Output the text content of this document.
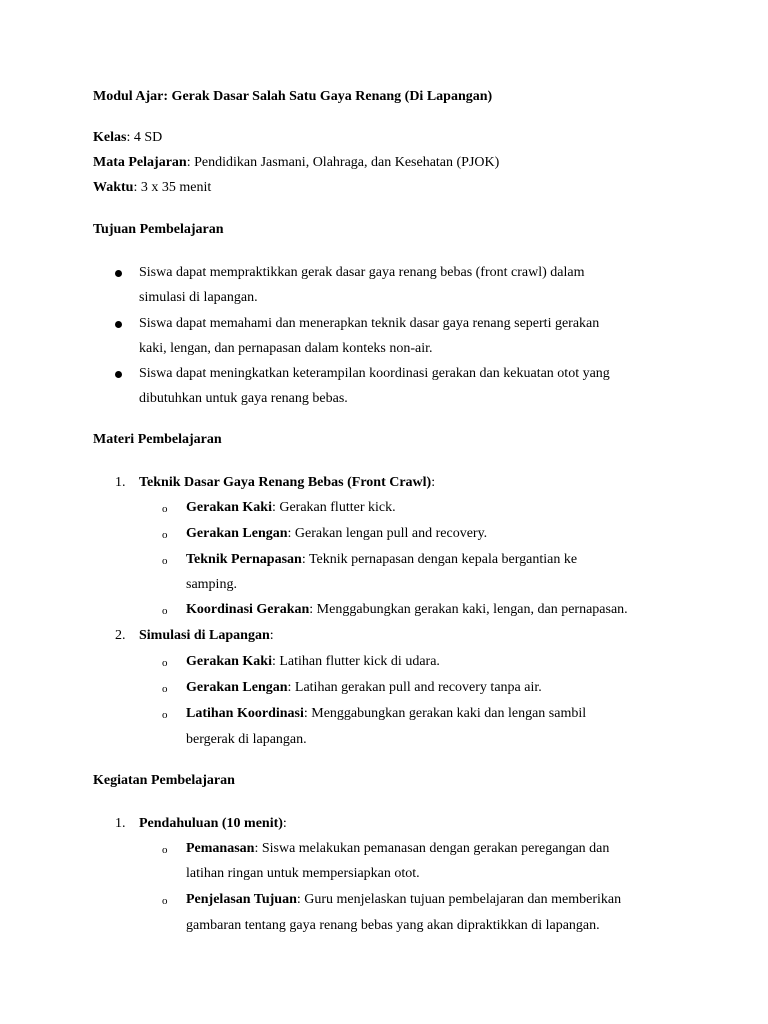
Modul Ajar: Gerak Dasar Salah Satu Gaya Renang (Di Lapangan)
Kelas: 4 SD
Mata Pelajaran: Pendidikan Jasmani, Olahraga, dan Kesehatan (PJOK)
Waktu: 3 x 35 menit
Tujuan Pembelajaran
Siswa dapat mempraktikkan gerak dasar gaya renang bebas (front crawl) dalam
simulasi di lapangan.
Siswa dapat memahami dan menerapkan teknik dasar gaya renang seperti gerakan
kaki, lengan, dan pernapasan dalam konteks non-air.
Siswa dapat meningkatkan keterampilan koordinasi gerakan dan kekuatan otot yang
dibutuhkan untuk gaya renang bebas.
Materi Pembelajaran
1. Teknik Dasar Gaya Renang Bebas (Front Crawl):
o Gerakan Kaki: Gerakan flutter kick.
o Gerakan Lengan: Gerakan lengan pull and recovery.
o Teknik Pernapasan: Teknik pernapasan dengan kepala bergantian ke
samping.
o Koordinasi Gerakan: Menggabungkan gerakan kaki, lengan, dan pernapasan.
2. Simulasi di Lapangan:
o Gerakan Kaki: Latihan flutter kick di udara.
o Gerakan Lengan: Latihan gerakan pull and recovery tanpa air.
o Latihan Koordinasi: Menggabungkan gerakan kaki dan lengan sambil
bergerak di lapangan.
Kegiatan Pembelajaran
1. Pendahuluan (10 menit):
o Pemanasan: Siswa melakukan pemanasan dengan gerakan peregangan dan
latihan ringan untuk mempersiapkan otot.
o Penjelasan Tujuan: Guru menjelaskan tujuan pembelajaran dan memberikan
gambaran tentang gaya renang bebas yang akan dipraktikkan di lapangan.
